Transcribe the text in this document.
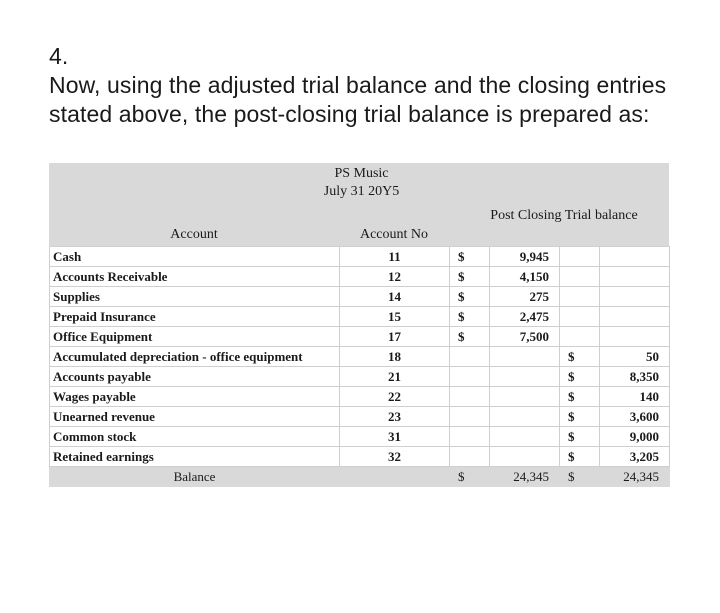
4.
Now, using the adjusted trial balance and the closing entries stated above, the post-closing trial balance is prepared as:
PS Music
July 31 20Y5
Post Closing Trial balance
Account	Account No
Cash	11	$	9,945		
Accounts Receivable	12	$	4,150		
Supplies	14	$	275		
Prepaid Insurance	15	$	2,475		
Office Equipment	17	$	7,500		
Accumulated depreciation - office equipment	18			$	50
Accounts payable	21			$	8,350
Wages payable	22			$	140
Unearned revenue	23			$	3,600
Common stock	31			$	9,000
Retained earnings	32			$	3,205
Balance		$	24,345	$	24,345
